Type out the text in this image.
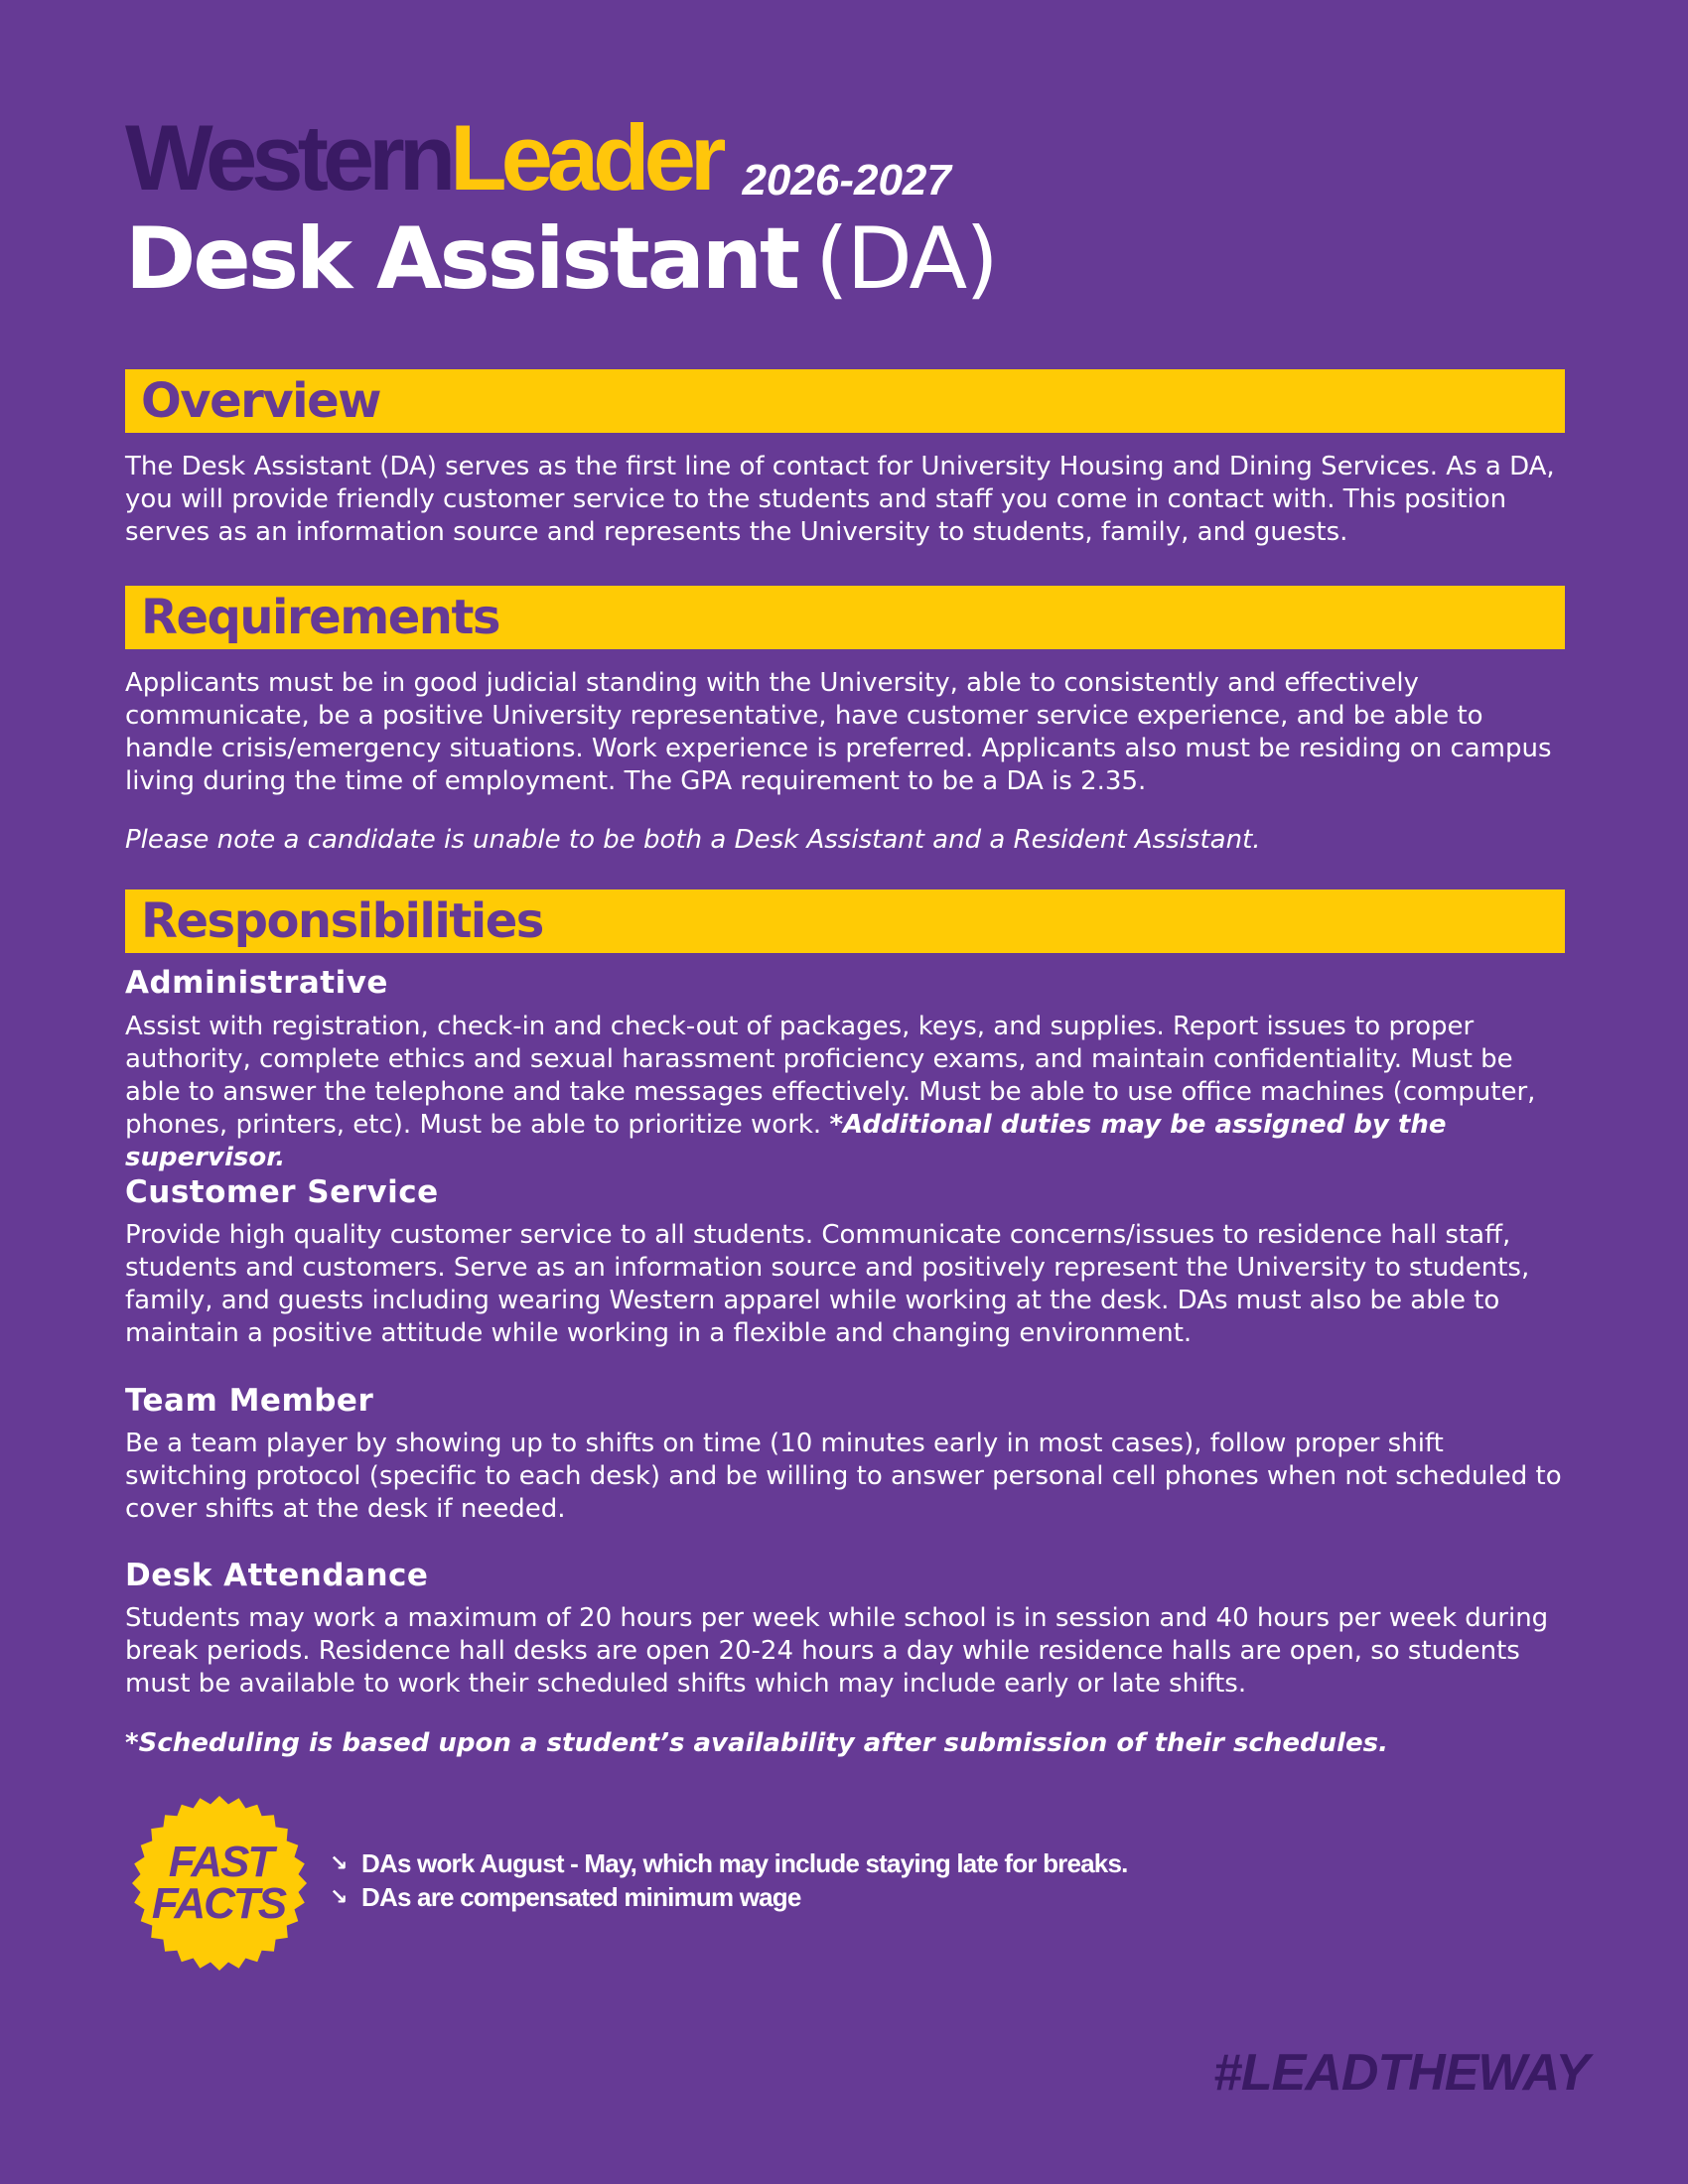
Western Leader 2026-2027
Desk Assistant (DA)
Overview
The Desk Assistant (DA) serves as the first line of contact for University Housing and Dining Services. As a DA, you will provide friendly customer service to the students and staff you come in contact with. This position serves as an information source and represents the University to students, family, and guests.
Requirements
Applicants must be in good judicial standing with the University, able to consistently and effectively communicate, be a positive University representative, have customer service experience, and be able to handle crisis/emergency situations. Work experience is preferred. Applicants also must be residing on campus living during the time of employment. The GPA requirement to be a DA is 2.35.
Please note a candidate is unable to be both a Desk Assistant and a Resident Assistant.
Responsibilities
Administrative
Assist with registration, check-in and check-out of packages, keys, and supplies. Report issues to proper authority, complete ethics and sexual harassment proficiency exams, and maintain confidentiality. Must be able to answer the telephone and take messages effectively. Must be able to use office machines (computer, phones, printers, etc). Must be able to prioritize work. *Additional duties may be assigned by the supervisor.
Customer Service
Provide high quality customer service to all students. Communicate concerns/issues to residence hall staff, students and customers. Serve as an information source and positively represent the University to students, family, and guests including wearing Western apparel while working at the desk. DAs must also be able to maintain a positive attitude while working in a flexible and changing environment.
Team Member
Be a team player by showing up to shifts on time (10 minutes early in most cases), follow proper shift switching protocol (specific to each desk) and be willing to answer personal cell phones when not scheduled to cover shifts at the desk if needed.
Desk Attendance
Students may work a maximum of 20 hours per week while school is in session and 40 hours per week during break periods. Residence hall desks are open 20-24 hours a day while residence halls are open, so students must be available to work their scheduled shifts which may include early or late shifts.
*Scheduling is based upon a student’s availability after submission of their schedules.
FAST
FACTS
↘ DAs work August - May, which may include staying late for breaks.
↘ DAs are compensated minimum wage
#LEADTHEWAY
